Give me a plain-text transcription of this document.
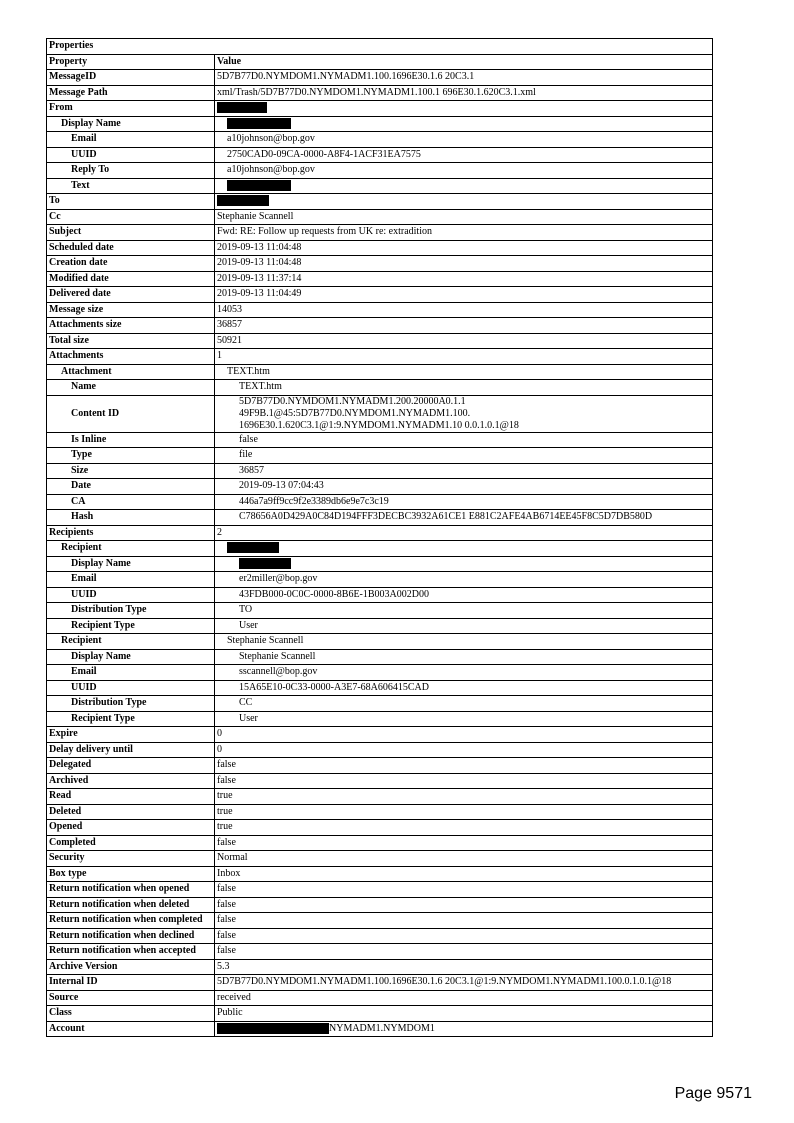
Properties	
Property	Value
MessageID	5D7B77D0.NYMDOM1.NYMADM1.100.1696E30.1.6 20C3.1
Message Path	xml/Trash/5D7B77D0.NYMDOM1.NYMADM1.100.1 696E30.1.620C3.1.xml
From	
Display Name	
Email	a10johnson@bop.gov
UUID	2750CAD0-09CA-0000-A8F4-1ACF31EA7575
Reply To	a10johnson@bop.gov
Text	
To	
Cc	Stephanie Scannell
Subject	Fwd: RE: Follow up requests from UK re: extradition
Scheduled date	2019-09-13 11:04:48
Creation date	2019-09-13 11:04:48
Modified date	2019-09-13 11:37:14
Delivered date	2019-09-13 11:04:49
Message size	14053
Attachments size	36857
Total size	50921
Attachments	1
Attachment	TEXT.htm
Name	TEXT.htm
Content ID	5D7B77D0.NYMDOM1.NYMADM1.200.20000A0.1.1
49F9B.1@45:5D7B77D0.NYMDOM1.NYMADM1.100.
1696E30.1.620C3.1@1:9.NYMDOM1.NYMADM1.10 0.0.1.0.1@18
Is Inline	false
Type	file
Size	36857
Date	2019-09-13 07:04:43
CA	446a7a9ff9cc9f2e3389db6e9e7c3c19
Hash	C78656A0D429A0C84D194FFF3DECBC3932A61CE1 E881C2AFE4AB6714EE45F8C5D7DB580D
Recipients	2
Recipient	
Display Name	
Email	er2miller@bop.gov
UUID	43FDB000-0C0C-0000-8B6E-1B003A002D00
Distribution Type	TO
Recipient Type	User
Recipient	Stephanie Scannell
Display Name	Stephanie Scannell
Email	sscannell@bop.gov
UUID	15A65E10-0C33-0000-A3E7-68A606415CAD
Distribution Type	CC
Recipient Type	User
Expire	0
Delay delivery until	0
Delegated	false
Archived	false
Read	true
Deleted	true
Opened	true
Completed	false
Security	Normal
Box type	Inbox
Return notification when opened	false
Return notification when deleted	false
Return notification when completed	false
Return notification when declined	false
Return notification when accepted	false
Archive Version	5.3
Internal ID	5D7B77D0.NYMDOM1.NYMADM1.100.1696E30.1.6 20C3.1@1:9.NYMDOM1.NYMADM1.100.0.1.0.1@18
Source	received
Class	Public
Account	NYMADM1.NYMDOM1
Page 9571
